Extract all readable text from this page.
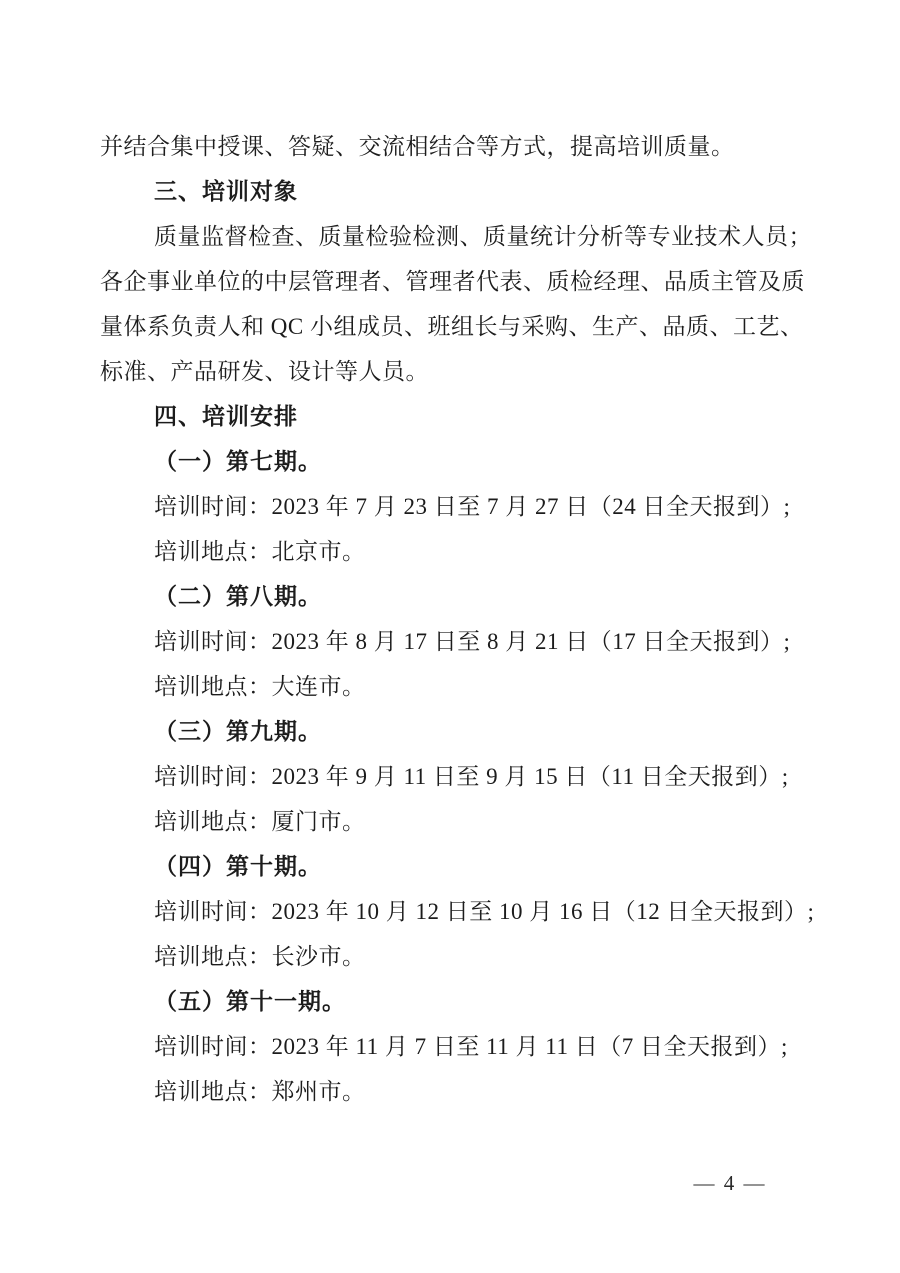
并结合集中授课、答疑、交流相结合等方式，提高培训质量。
三、培训对象
质量监督检查、质量检验检测、质量统计分析等专业技术人员；
各企事业单位的中层管理者、管理者代表、质检经理、品质主管及质
量体系负责人和 QC 小组成员、班组长与采购、生产、品质、工艺、
标准、产品研发、设计等人员。
四、培训安排
（一）第七期。
培训时间：2023 年 7 月 23 日至 7 月 27 日（24 日全天报到）;
培训地点：北京市。
（二）第八期。
培训时间：2023 年 8 月 17 日至 8 月 21 日（17 日全天报到）;
培训地点：大连市。
（三）第九期。
培训时间：2023 年 9 月 11 日至 9 月 15 日（11 日全天报到）;
培训地点：厦门市。
（四）第十期。
培训时间：2023 年 10 月 12 日至 10 月 16 日（12 日全天报到）;
培训地点：长沙市。
（五）第十一期。
培训时间：2023 年 11 月 7 日至 11 月 11 日（7 日全天报到）;
培训地点：郑州市。
— 4 —
